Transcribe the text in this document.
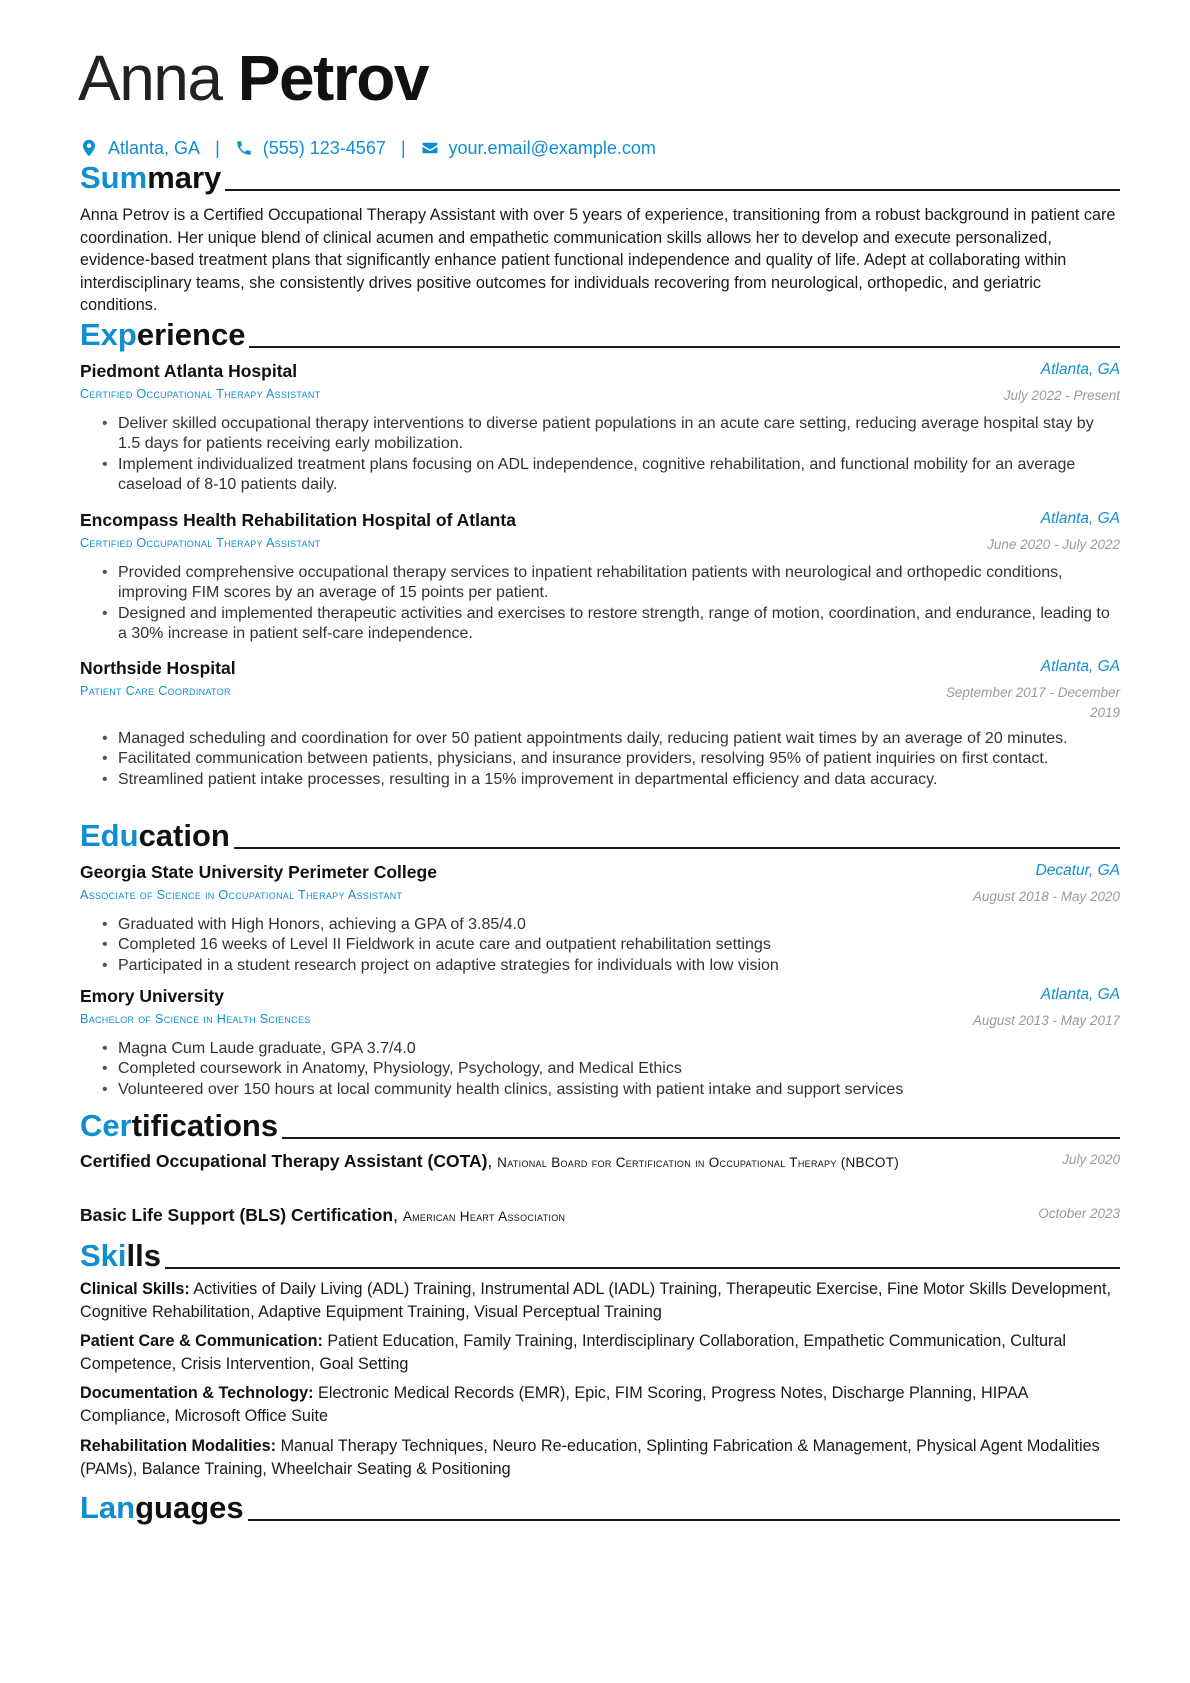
Anna Petrov
Atlanta, GA | (555) 123-4567 | your.email@example.com
Summary
Anna Petrov is a Certified Occupational Therapy Assistant with over 5 years of experience, transitioning from a robust background in patient care coordination. Her unique blend of clinical acumen and empathetic communication skills allows her to develop and execute personalized, evidence-based treatment plans that significantly enhance patient functional independence and quality of life. Adept at collaborating within interdisciplinary teams, she consistently drives positive outcomes for individuals recovering from neurological, orthopedic, and geriatric conditions.
Experience
Piedmont Atlanta Hospital
Certified Occupational Therapy Assistant
Atlanta, GA
July 2022 - Present
• Deliver skilled occupational therapy interventions to diverse patient populations in an acute care setting, reducing average hospital stay by 1.5 days for patients receiving early mobilization.
• Implement individualized treatment plans focusing on ADL independence, cognitive rehabilitation, and functional mobility for an average caseload of 8-10 patients daily.
Encompass Health Rehabilitation Hospital of Atlanta
Certified Occupational Therapy Assistant
Atlanta, GA
June 2020 - July 2022
• Provided comprehensive occupational therapy services to inpatient rehabilitation patients with neurological and orthopedic conditions, improving FIM scores by an average of 15 points per patient.
• Designed and implemented therapeutic activities and exercises to restore strength, range of motion, coordination, and endurance, leading to a 30% increase in patient self-care independence.
Northside Hospital
Patient Care Coordinator
Atlanta, GA
September 2017 - December 2019
• Managed scheduling and coordination for over 50 patient appointments daily, reducing patient wait times by an average of 20 minutes.
• Facilitated communication between patients, physicians, and insurance providers, resolving 95% of patient inquiries on first contact.
• Streamlined patient intake processes, resulting in a 15% improvement in departmental efficiency and data accuracy.
Education
Georgia State University Perimeter College
Associate of Science in Occupational Therapy Assistant
Decatur, GA
August 2018 - May 2020
• Graduated with High Honors, achieving a GPA of 3.85/4.0
• Completed 16 weeks of Level II Fieldwork in acute care and outpatient rehabilitation settings
• Participated in a student research project on adaptive strategies for individuals with low vision
Emory University
Bachelor of Science in Health Sciences
Atlanta, GA
August 2013 - May 2017
• Magna Cum Laude graduate, GPA 3.7/4.0
• Completed coursework in Anatomy, Physiology, Psychology, and Medical Ethics
• Volunteered over 150 hours at local community health clinics, assisting with patient intake and support services
Certifications
Certified Occupational Therapy Assistant (COTA), National Board for Certification in Occupational Therapy (NBCOT)	July 2020
Basic Life Support (BLS) Certification, American Heart Association	October 2023
Skills
Clinical Skills: Activities of Daily Living (ADL) Training, Instrumental ADL (IADL) Training, Therapeutic Exercise, Fine Motor Skills Development, Cognitive Rehabilitation, Adaptive Equipment Training, Visual Perceptual Training
Patient Care & Communication: Patient Education, Family Training, Interdisciplinary Collaboration, Empathetic Communication, Cultural Competence, Crisis Intervention, Goal Setting
Documentation & Technology: Electronic Medical Records (EMR), Epic, FIM Scoring, Progress Notes, Discharge Planning, HIPAA Compliance, Microsoft Office Suite
Rehabilitation Modalities: Manual Therapy Techniques, Neuro Re-education, Splinting Fabrication & Management, Physical Agent Modalities (PAMs), Balance Training, Wheelchair Seating & Positioning
Languages
